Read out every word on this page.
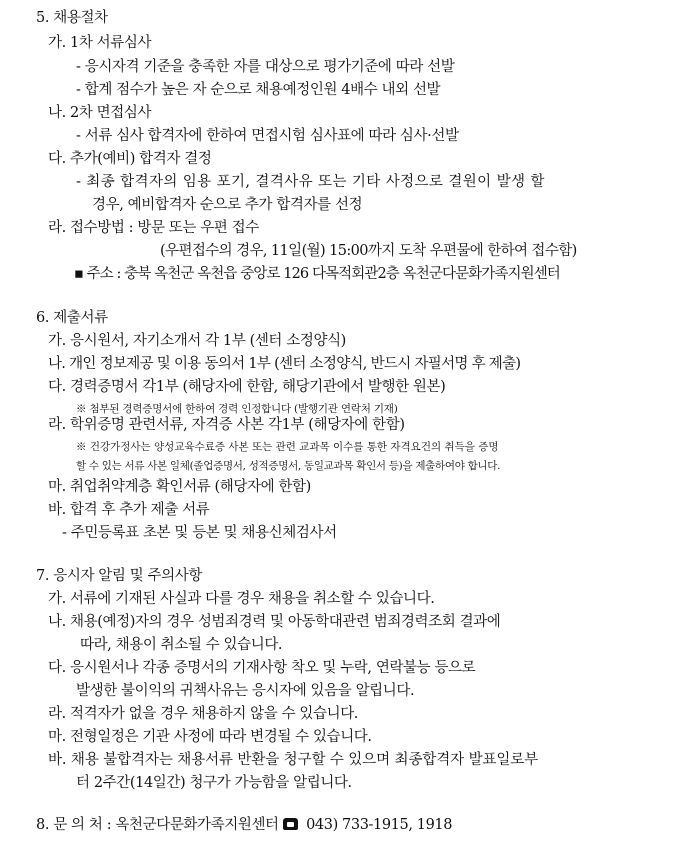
5. 채용절차
가. 1차 서류심사
- 응시자격 기준을 충족한 자를 대상으로 평가기준에 따라 선발
- 합계 점수가 높은 자 순으로 채용예정인원 4배수 내외 선발
나. 2차 면접심사
- 서류 심사 합격자에 한하여 면접시험 심사표에 따라 심사·선발
다. 추가(예비) 합격자 결정
- 최종 합격자의 임용 포기, 결격사유 또는 기타 사정으로 결원이 발생 할
경우, 예비합격자 순으로 추가 합격자를 선정
라. 접수방법 : 방문 또는 우편 접수
(우편접수의 경우, 11일(월) 15:00까지 도착 우편물에 한하여 접수함)
▪ 주소 : 충북 옥천군 옥천읍 중앙로 126 다목적회관2층 옥천군다문화가족지원센터
6. 제출서류
가. 응시원서, 자기소개서 각 1부 (센터 소정양식)
나. 개인 정보제공 및 이용 동의서 1부 (센터 소정양식, 반드시 자필서명 후 제출)
다. 경력증명서 각1부 (해당자에 한함, 해당기관에서 발행한 원본)
※ 첨부된 경력증명서에 한하여 경력 인정합니다 (발행기관 연락처 기재)
라. 학위증명 관련서류, 자격증 사본 각1부 (해당자에 한함)
※ 건강가정사는 양성교육수료증 사본 또는 관련 교과목 이수를 통한 자격요건의 취득을 증명
할 수 있는 서류 사본 일체(졸업증명서, 성적증명서, 동일교과목 확인서 등)을 제출하여야 합니다.
마. 취업취약계층 확인서류 (해당자에 한함)
바. 합격 후 추가 제출 서류
- 주민등록표 초본 및 등본 및 채용신체검사서
7. 응시자 알림 및 주의사항
가. 서류에 기재된 사실과 다를 경우 채용을 취소할 수 있습니다.
나. 채용(예정)자의 경우 성범죄경력 및 아동학대관련 범죄경력조회 결과에
따라, 채용이 취소될 수 있습니다.
다. 응시원서나 각종 증명서의 기재사항 착오 및 누락, 연락불능 등으로
발생한 불이익의 귀책사유는 응시자에 있음을 알립니다.
라. 적격자가 없을 경우 채용하지 않을 수 있습니다.
마. 전형일정은 기관 사정에 따라 변경될 수 있습니다.
바. 채용 불합격자는 채용서류 반환을 청구할 수 있으며 최종합격자 발표일로부
터 2주간(14일간) 청구가 가능함을 알립니다.
8. 문 의 처 : 옥천군다문화가족지원센터 043) 733-1915, 1918
